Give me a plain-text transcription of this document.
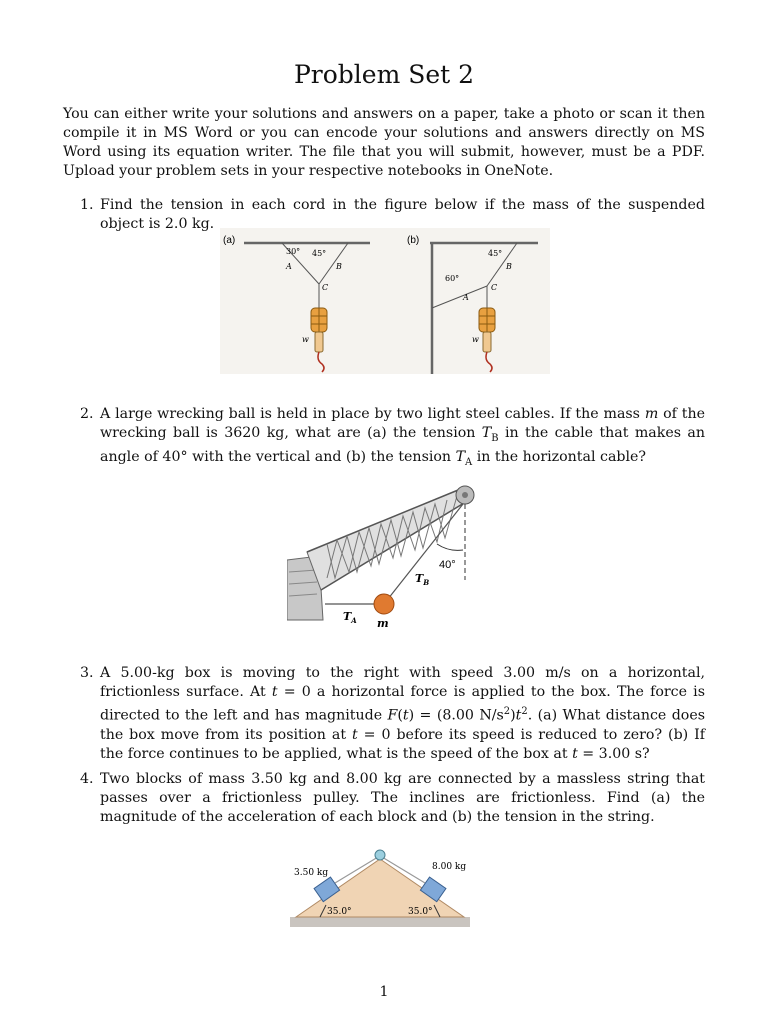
Problem Set 2

You can either write your solutions and answers on a paper, take a photo or scan it then compile it in MS Word or you can encode your solutions and answers directly on MS Word using its equation writer. The file that you will submit, however, must be a PDF. Upload your problem sets in your respective notebooks in OneNote.

1. Find the tension in each cord in the figure below if the mass of the suspended object is 2.0 kg.
(a)
30° 45°
A	B
C
w
(b)
45°
60°
A
B
C
w
2. A large wrecking ball is held in place by two light steel cables. If the mass m of the wrecking ball is 3620 kg, what are (a) the tension $T_B$ in the cable that makes an angle of 40° with the vertical and (b) the tension $T_A$ in the horizontal cable?
40°
$T_B$
$T_A$ m
3. A 5.00-kg box is moving to the right with speed 3.00 m/s on a horizontal, frictionless surface. At t = 0 a horizontal force is applied to the box. The force is directed to the left and has magnitude F(t) = (8.00 $N/s^2)t^2$. (a) What distance does the box move from its position at t = 0 before its speed is reduced to zero? (b) If the force continues to be applied, what is the speed of the box at t = 3.00 s?
4. Two blocks of mass 3.50 kg and 8.00 kg are connected by a massless string that passes over a frictionless pulley. The inclines are frictionless. Find (a) the magnitude of the acceleration of each block and (b) the tension in the string.
3.50 kg
8.00 kg
35.0°	35.0°
1
